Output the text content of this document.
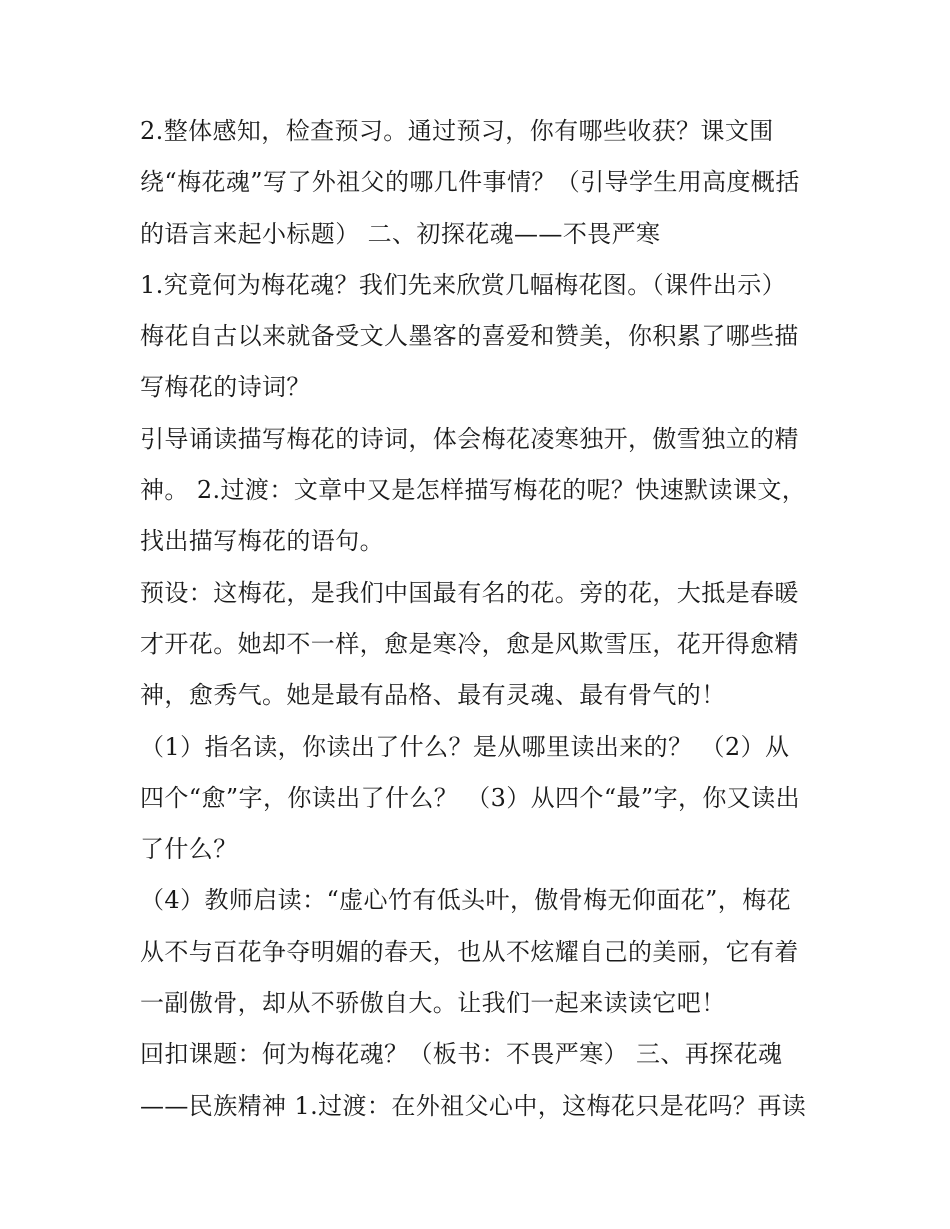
2.整体感知，检查预习。通过预习，你有哪些收获？课文围
绕“梅花魂”写了外祖父的哪几件事情？（引导学生用高度概括
的语言来起小标题） 二、初探花魂——不畏严寒
1.究竟何为梅花魂？我们先来欣赏几幅梅花图。（课件出示）
梅花自古以来就备受文人墨客的喜爱和赞美，你积累了哪些描
写梅花的诗词？
引导诵读描写梅花的诗词，体会梅花凌寒独开，傲雪独立的精
神。 2.过渡：文章中又是怎样描写梅花的呢？快速默读课文，
找出描写梅花的语句。
预设：这梅花，是我们中国最有名的花。旁的花，大抵是春暖
才开花。她却不一样，愈是寒冷，愈是风欺雪压，花开得愈精
神，愈秀气。她是最有品格、最有灵魂、最有骨气的！
（1）指名读，你读出了什么？是从哪里读出来的？ （2）从
四个“愈”字，你读出了什么？ （3）从四个“最”字，你又读出
了什么？
（4）教师启读：“虚心竹有低头叶，傲骨梅无仰面花”，梅花
从不与百花争夺明媚的春天，也从不炫耀自己的美丽，它有着
一副傲骨，却从不骄傲自大。让我们一起来读读它吧！
回扣课题：何为梅花魂？（板书：不畏严寒） 三、再探花魂
——民族精神 1.过渡：在外祖父心中，这梅花只是花吗？再读
